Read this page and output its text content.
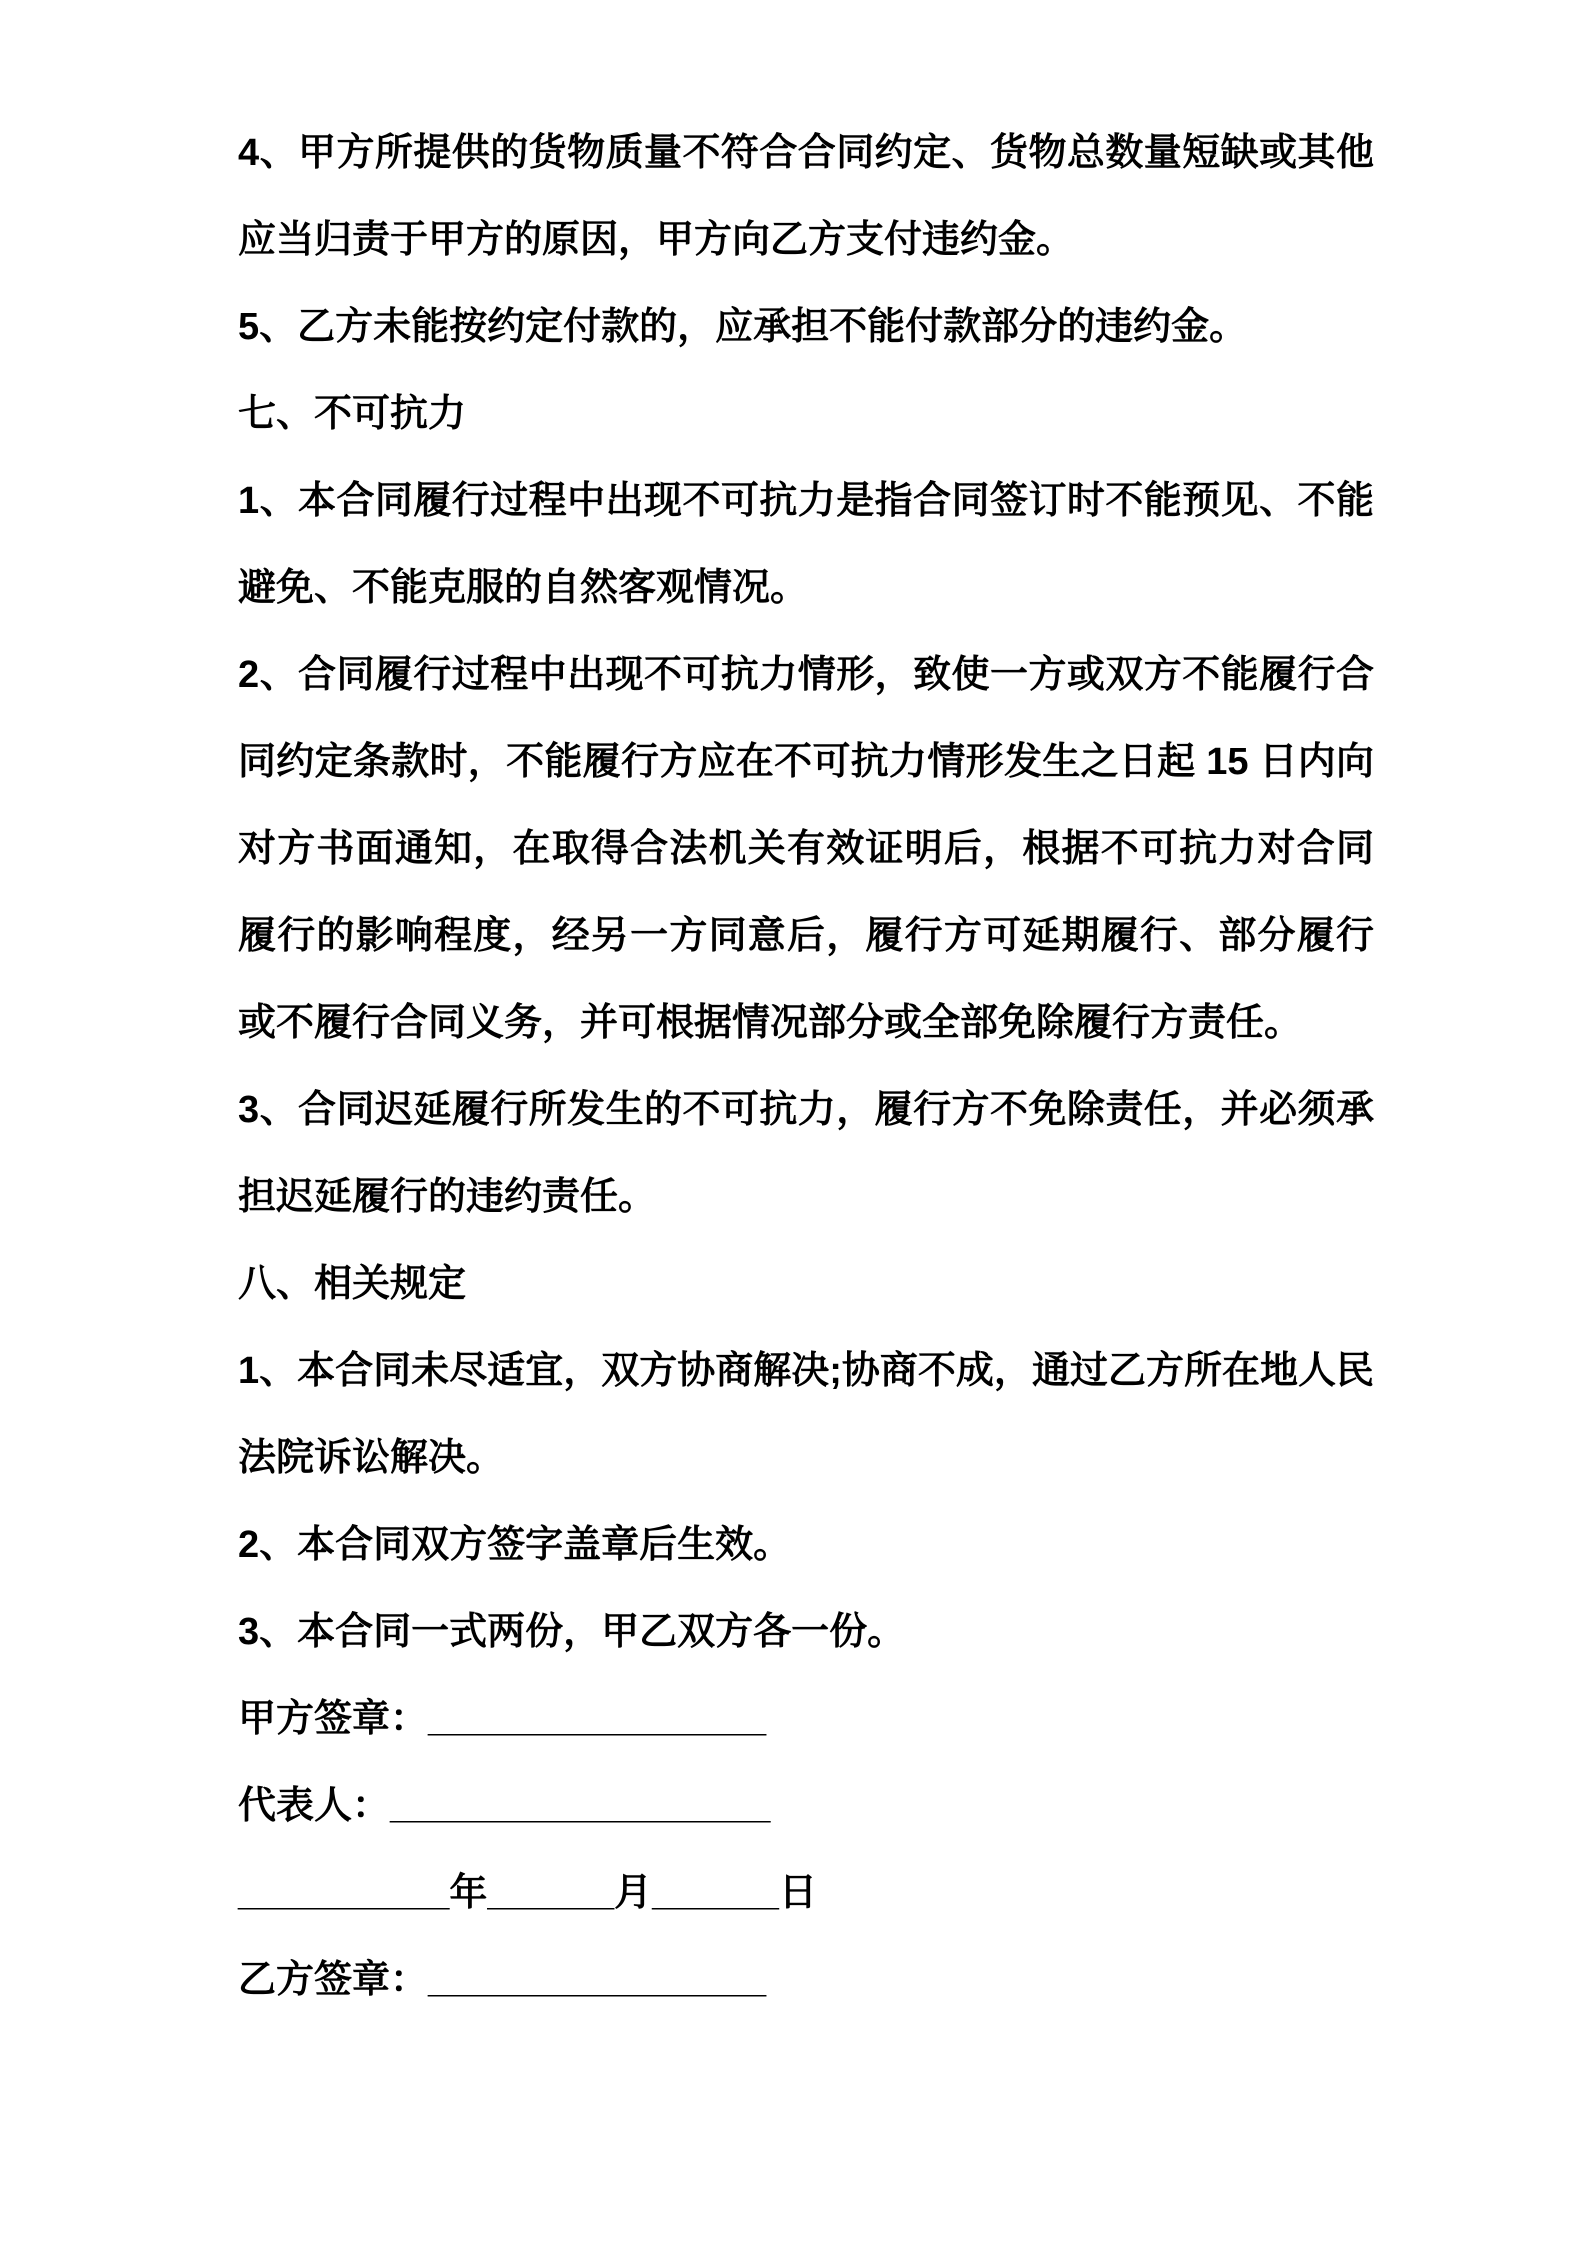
4、甲方所提供的货物质量不符合合同约定、货物总数量短缺或其他应当归责于甲方的原因，甲方向乙方支付违约金。

5、乙方未能按约定付款的，应承担不能付款部分的违约金。

七、不可抗力

1、本合同履行过程中出现不可抗力是指合同签订时不能预见、不能避免、不能克服的自然客观情况。

2、合同履行过程中出现不可抗力情形，致使一方或双方不能履行合同约定条款时，不能履行方应在不可抗力情形发生之日起 15 日内向对方书面通知，在取得合法机关有效证明后，根据不可抗力对合同履行的影响程度，经另一方同意后，履行方可延期履行、部分履行或不履行合同义务，并可根据情况部分或全部免除履行方责任。

3、合同迟延履行所发生的不可抗力，履行方不免除责任，并必须承担迟延履行的违约责任。

八、相关规定

1、本合同未尽适宜，双方协商解决;协商不成，通过乙方所在地人民法院诉讼解决。

2、本合同双方签字盖章后生效。

3、本合同一式两份，甲乙双方各一份。

甲方签章：________________

代表人：__________________

__________年______月______日

乙方签章：________________
